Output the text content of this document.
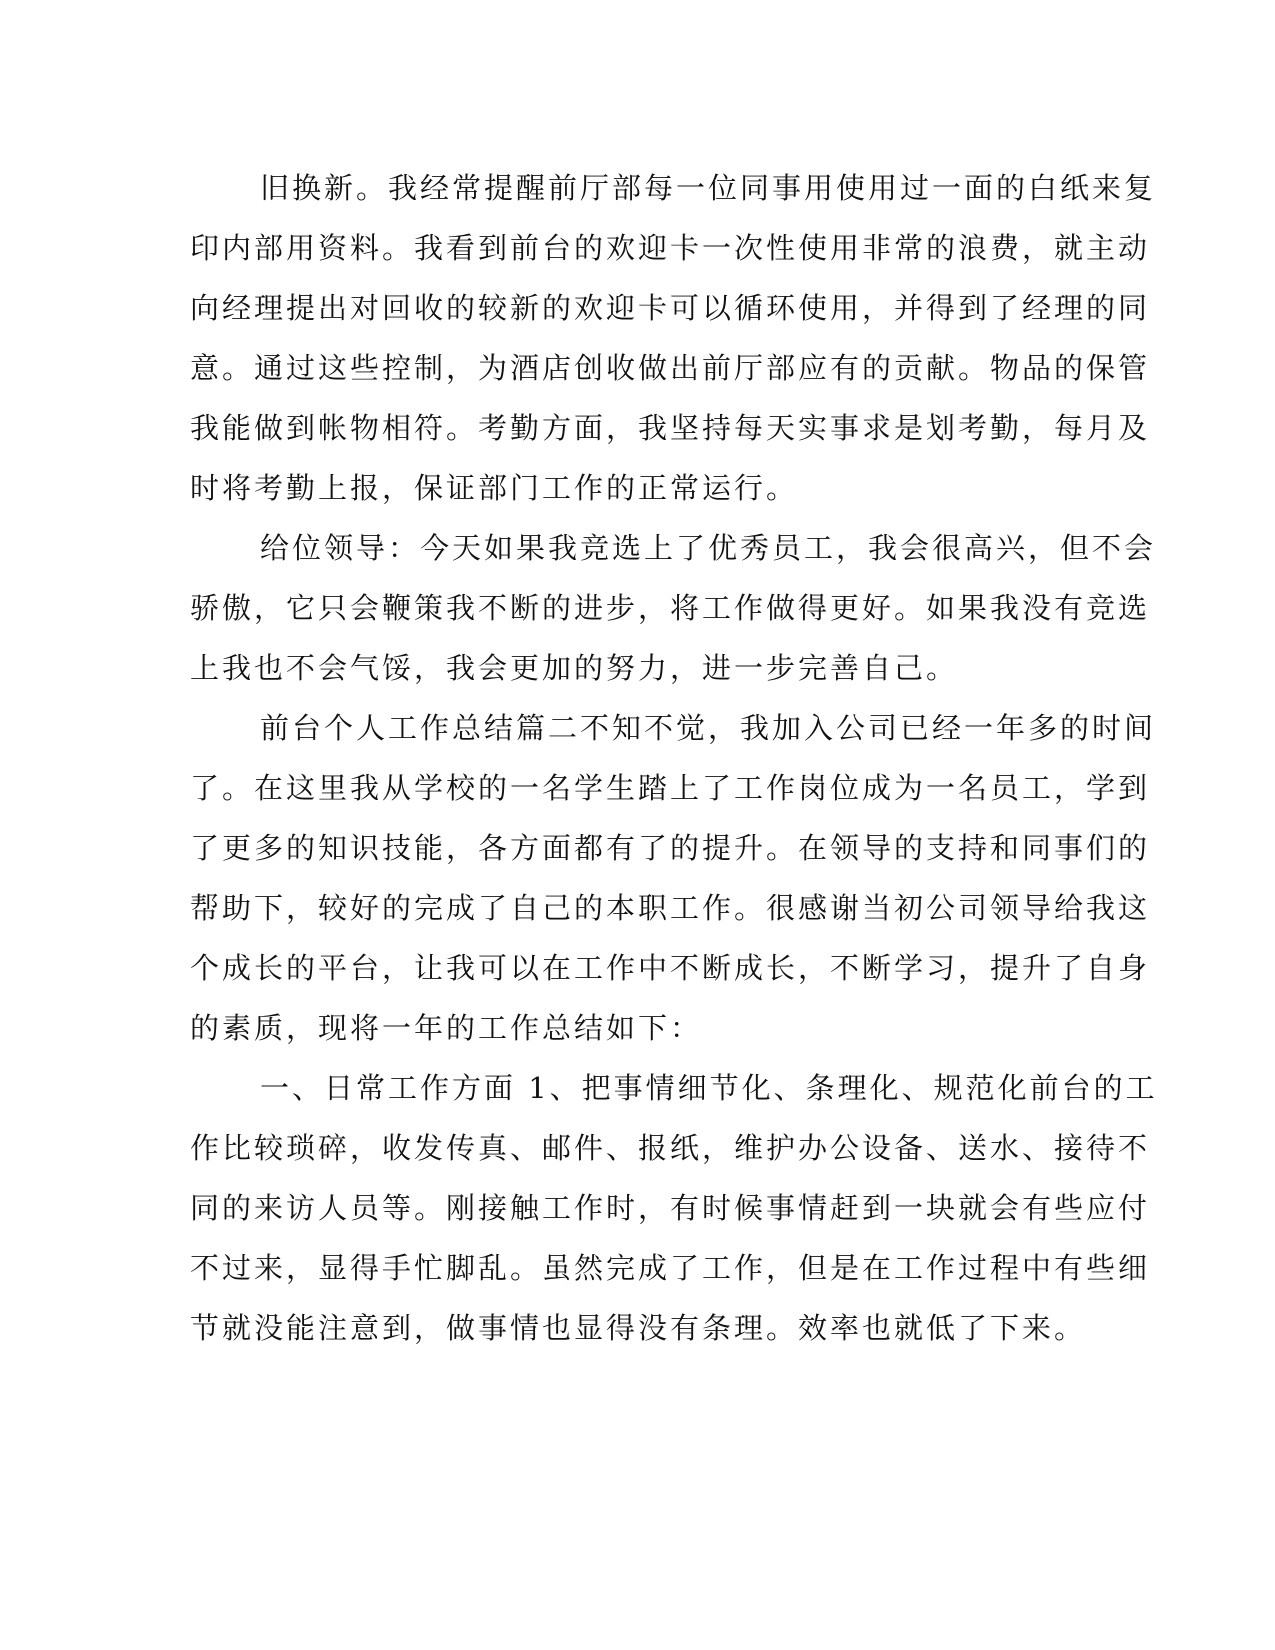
旧换新。我经常提醒前厅部每一位同事用使用过一面的白纸来复
印内部用资料。我看到前台的欢迎卡一次性使用非常的浪费，就主动
向经理提出对回收的较新的欢迎卡可以循环使用，并得到了经理的同
意。通过这些控制，为酒店创收做出前厅部应有的贡献。物品的保管
我能做到帐物相符。考勤方面，我坚持每天实事求是划考勤，每月及
时将考勤上报，保证部门工作的正常运行。
给位领导：今天如果我竞选上了优秀员工，我会很高兴，但不会
骄傲，它只会鞭策我不断的进步，将工作做得更好。如果我没有竞选
上我也不会气馁，我会更加的努力，进一步完善自己。
前台个人工作总结篇二不知不觉，我加入公司已经一年多的时间
了。在这里我从学校的一名学生踏上了工作岗位成为一名员工，学到
了更多的知识技能，各方面都有了的提升。在领导的支持和同事们的
帮助下，较好的完成了自己的本职工作。很感谢当初公司领导给我这
个成长的平台，让我可以在工作中不断成长，不断学习，提升了自身
的素质，现将一年的工作总结如下：
一、日常工作方面 1、把事情细节化、条理化、规范化前台的工
作比较琐碎，收发传真、邮件、报纸，维护办公设备、送水、接待不
同的来访人员等。刚接触工作时，有时候事情赶到一块就会有些应付
不过来，显得手忙脚乱。虽然完成了工作，但是在工作过程中有些细
节就没能注意到，做事情也显得没有条理。效率也就低了下来。
